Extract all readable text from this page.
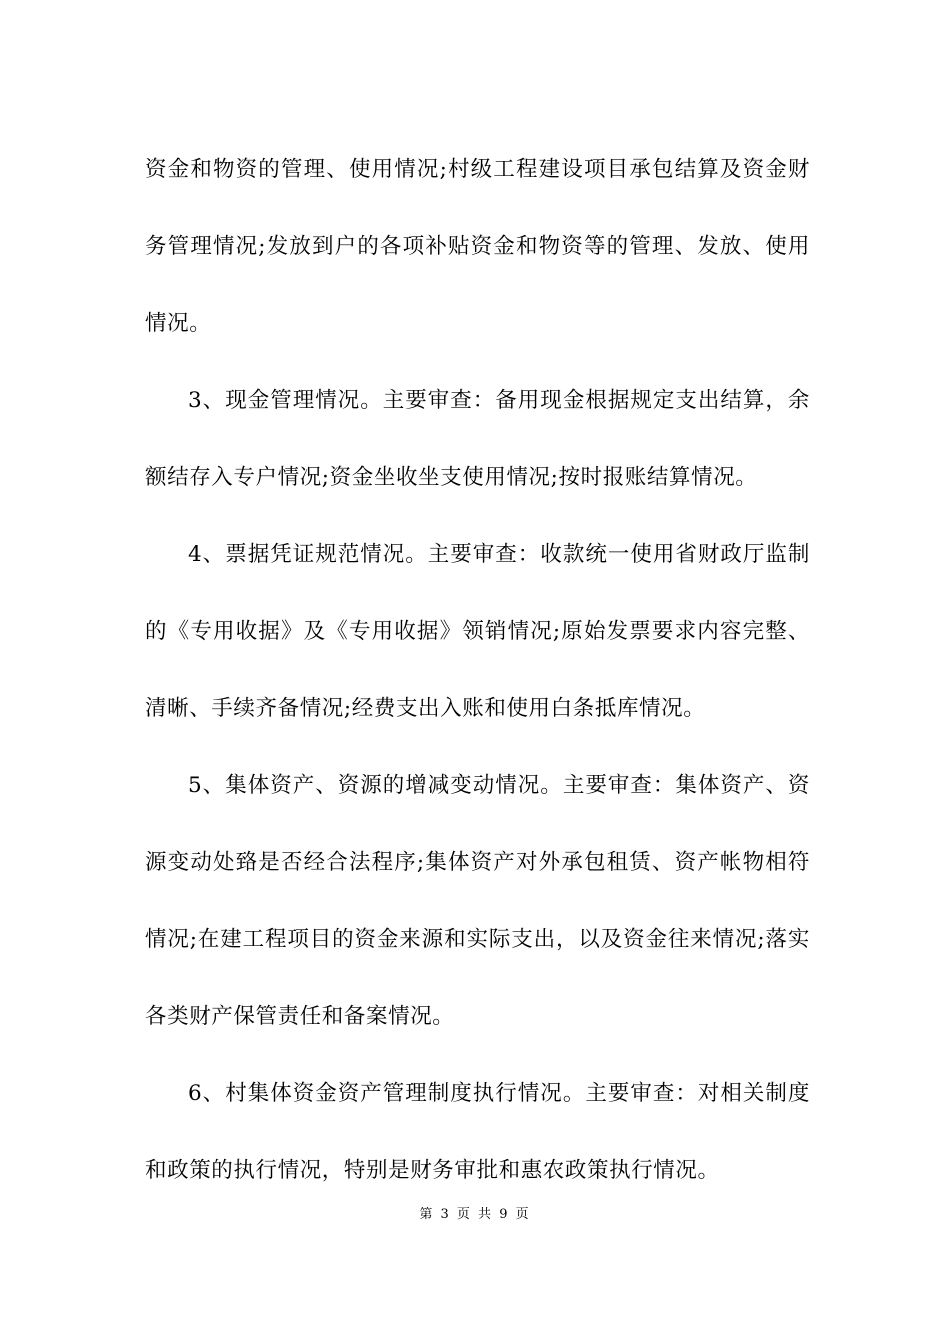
资金和物资的管理、使用情况;村级工程建设项目承包结算及资金财务管理情况;发放到户的各项补贴资金和物资等的管理、发放、使用情况。

3、现金管理情况。主要审查：备用现金根据规定支出结算，余额结存入专户情况;资金坐收坐支使用情况;按时报账结算情况。

4、票据凭证规范情况。主要审查：收款统一使用省财政厅监制的《专用收据》及《专用收据》领销情况;原始发票要求内容完整、清晰、手续齐备情况;经费支出入账和使用白条抵库情况。

5、集体资产、资源的增减变动情况。主要审查：集体资产、资源变动处臵是否经合法程序;集体资产对外承包租赁、资产帐物相符情况;在建工程项目的资金来源和实际支出，以及资金往来情况;落实各类财产保管责任和备案情况。

6、村集体资金资产管理制度执行情况。主要审查：对相关制度和政策的执行情况，特别是财务审批和惠农政策执行情况。

第 3 页 共 9 页
